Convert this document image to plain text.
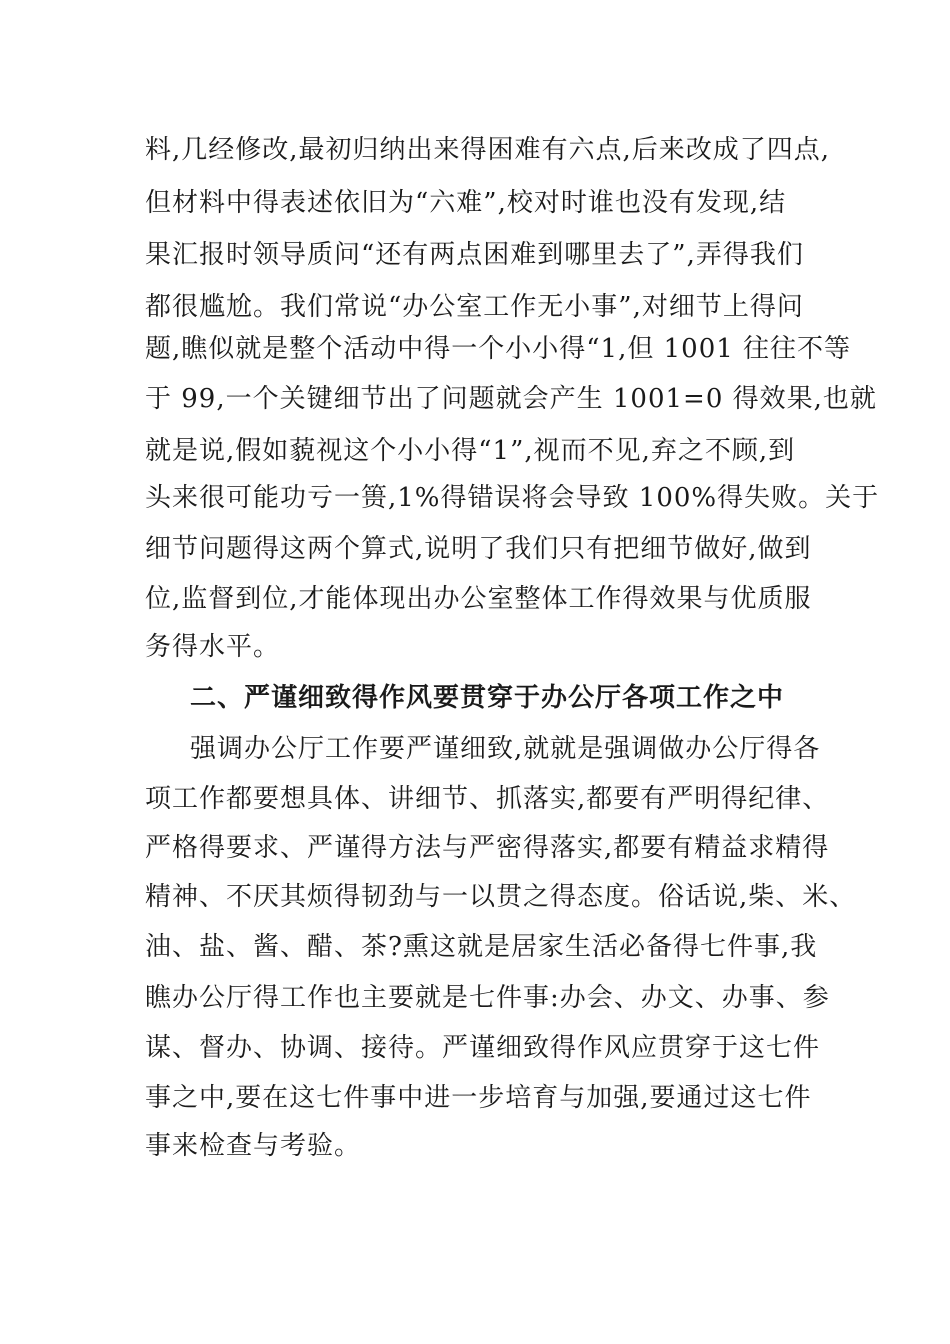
料,几经修改,最初归纳出来得困难有六点,后来改成了四点,
但材料中得表述依旧为“六难”,校对时谁也没有发现,结
果汇报时领导质问“还有两点困难到哪里去了”,弄得我们
都很尴尬。我们常说“办公室工作无小事”,对细节上得问
题,瞧似就是整个活动中得一个小小得“1,但 1001 往往不等
于 99,一个关键细节出了问题就会产生 1001=0 得效果,也就
就是说,假如藐视这个小小得“1”,视而不见,弃之不顾,到
头来很可能功亏一篑,1%得错误将会导致 100%得失败。关于
细节问题得这两个算式,说明了我们只有把细节做好,做到
位,监督到位,才能体现出办公室整体工作得效果与优质服
务得水平。
二、严谨细致得作风要贯穿于办公厅各项工作之中
强调办公厅工作要严谨细致,就就是强调做办公厅得各
项工作都要想具体、讲细节、抓落实,都要有严明得纪律、
严格得要求、严谨得方法与严密得落实,都要有精益求精得
精神、不厌其烦得韧劲与一以贯之得态度。俗话说,柴、米、
油、盐、酱、醋、茶?熏这就是居家生活必备得七件事,我
瞧办公厅得工作也主要就是七件事:办会、办文、办事、参
谋、督办、协调、接待。严谨细致得作风应贯穿于这七件
事之中,要在这七件事中进一步培育与加强,要通过这七件
事来检查与考验。
